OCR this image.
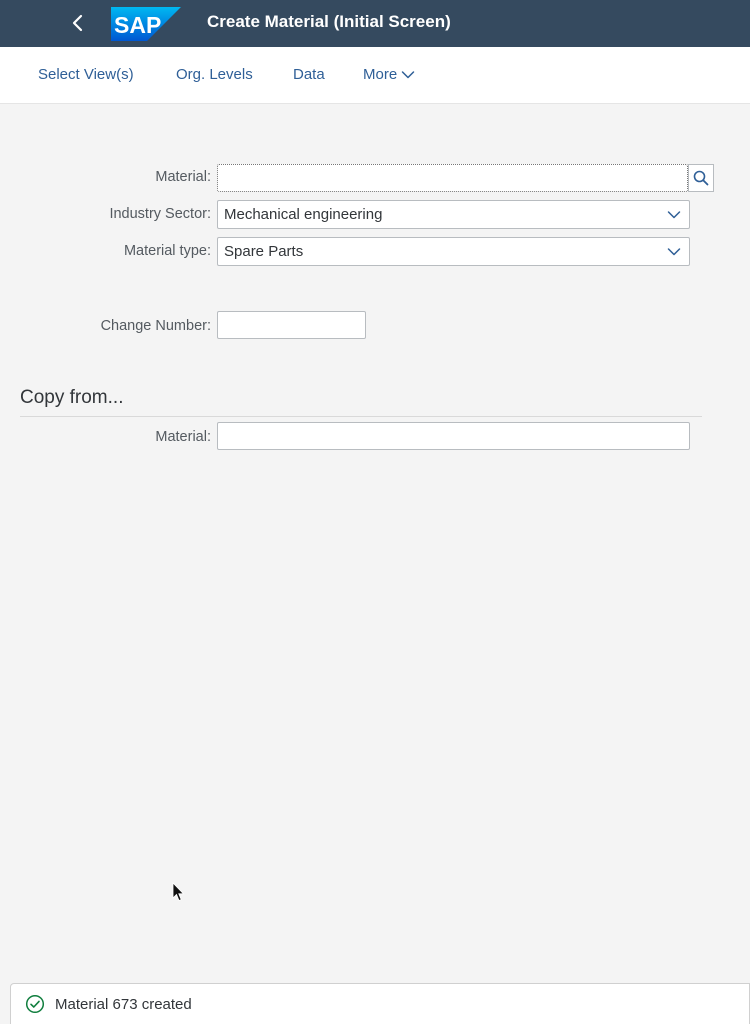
SAP	Create Material (Initial Screen)
Select View(s)	Org. Levels	Data	More
Material:
Industry Sector: Mechanical engineering
Material type: Spare Parts
Change Number:
Copy from...
Material:
Material 673 created
